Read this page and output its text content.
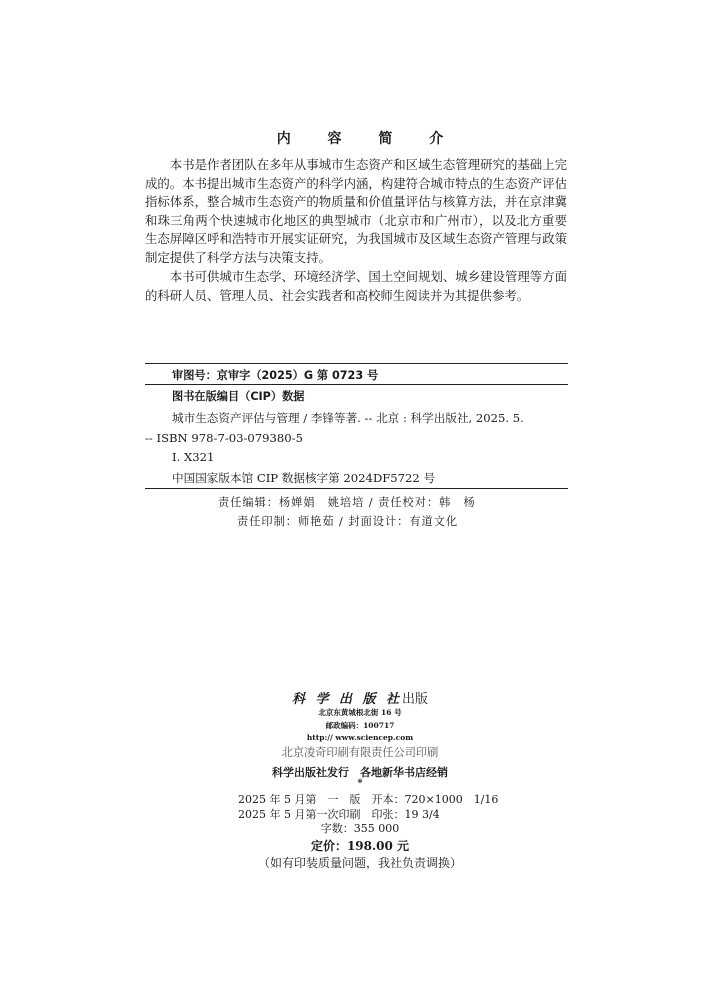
内 容 简 介
本书是作者团队在多年从事城市生态资产和区域生态管理研究的基础上完成的。本书提出城市生态资产的科学内涵，构建符合城市特点的生态资产评估指标体系，整合城市生态资产的物质量和价值量评估与核算方法，并在京津冀和珠三角两个快速城市化地区的典型城市（北京市和广州市），以及北方重要生态屏障区呼和浩特市开展实证研究，为我国城市及区域生态资产管理与政策制定提供了科学方法与决策支持。
本书可供城市生态学、环境经济学、国土空间规划、城乡建设管理等方面的科研人员、管理人员、社会实践者和高校师生阅读并为其提供参考。
审图号：京审字（2025）G 第 0723 号
图书在版编目（CIP）数据
城市生态资产评估与管理 / 李锋等著. -- 北京 : 科学出版社, 2025. 5.
-- ISBN 978-7-03-079380-5
Ⅰ. X321
中国国家版本馆 CIP 数据核字第 2024DF5722 号
责任编辑：杨婵娟　姚培培 / 责任校对：韩　杨
责任印制：师艳茹 / 封面设计：有道文化
科 学 出 版 社出版
北京东黄城根北街 16 号
邮政编码：100717
http:// www.sciencep.com
北京凌奇印刷有限责任公司印刷
科学出版社发行　各地新华书店经销
*
2025 年 5 月第　一　版　开本：720×1000　1/16
2025 年 5 月第一次印刷　印张：19 3/4
字数：355 000
定价：198.00 元
（如有印装质量问题，我社负责调换）
